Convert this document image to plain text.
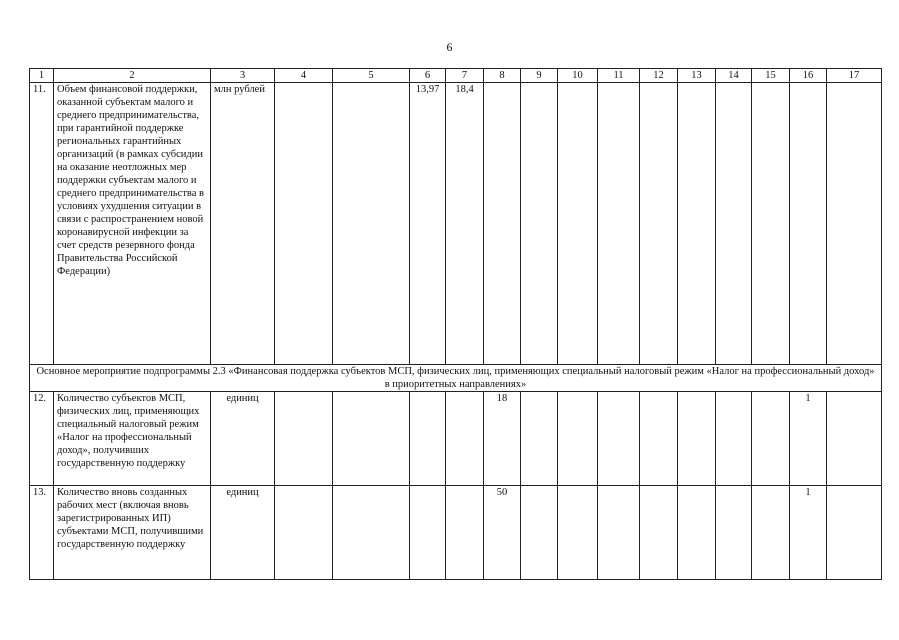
6
1	2	3	4	5	6	7	8	9	10	11	12	13	14	15	16	17
11.	Объем финансовой поддержки, оказанной субъектам малого и среднего предпринимательства, при гарантийной поддержке региональных гарантийных организаций (в рамках субсидии на оказание неотложных мер поддержки субъектам малого и среднего предпринимательства в условиях ухудшения ситуации в связи с распространением новой коронавирусной инфекции за счет средств резервного фонда Правительства Российской Федерации)	млн рублей			13,97	18,4										
Основное мероприятие подпрограммы 2.3 «Финансовая поддержка субъектов МСП, физических лиц, применяющих специальный налоговый режим «Налог на профессиональный доход» в приоритетных направлениях»																
12.	Количество субъектов МСП, физических лиц, применяющих специальный налоговый режим «Налог на профессиональный доход», получивших государственную поддержку	единиц					18								1	
13.	Количество вновь созданных рабочих мест (включая вновь зарегистрированных ИП) субъектами МСП, получившими государственную поддержку	единиц					50								1	
